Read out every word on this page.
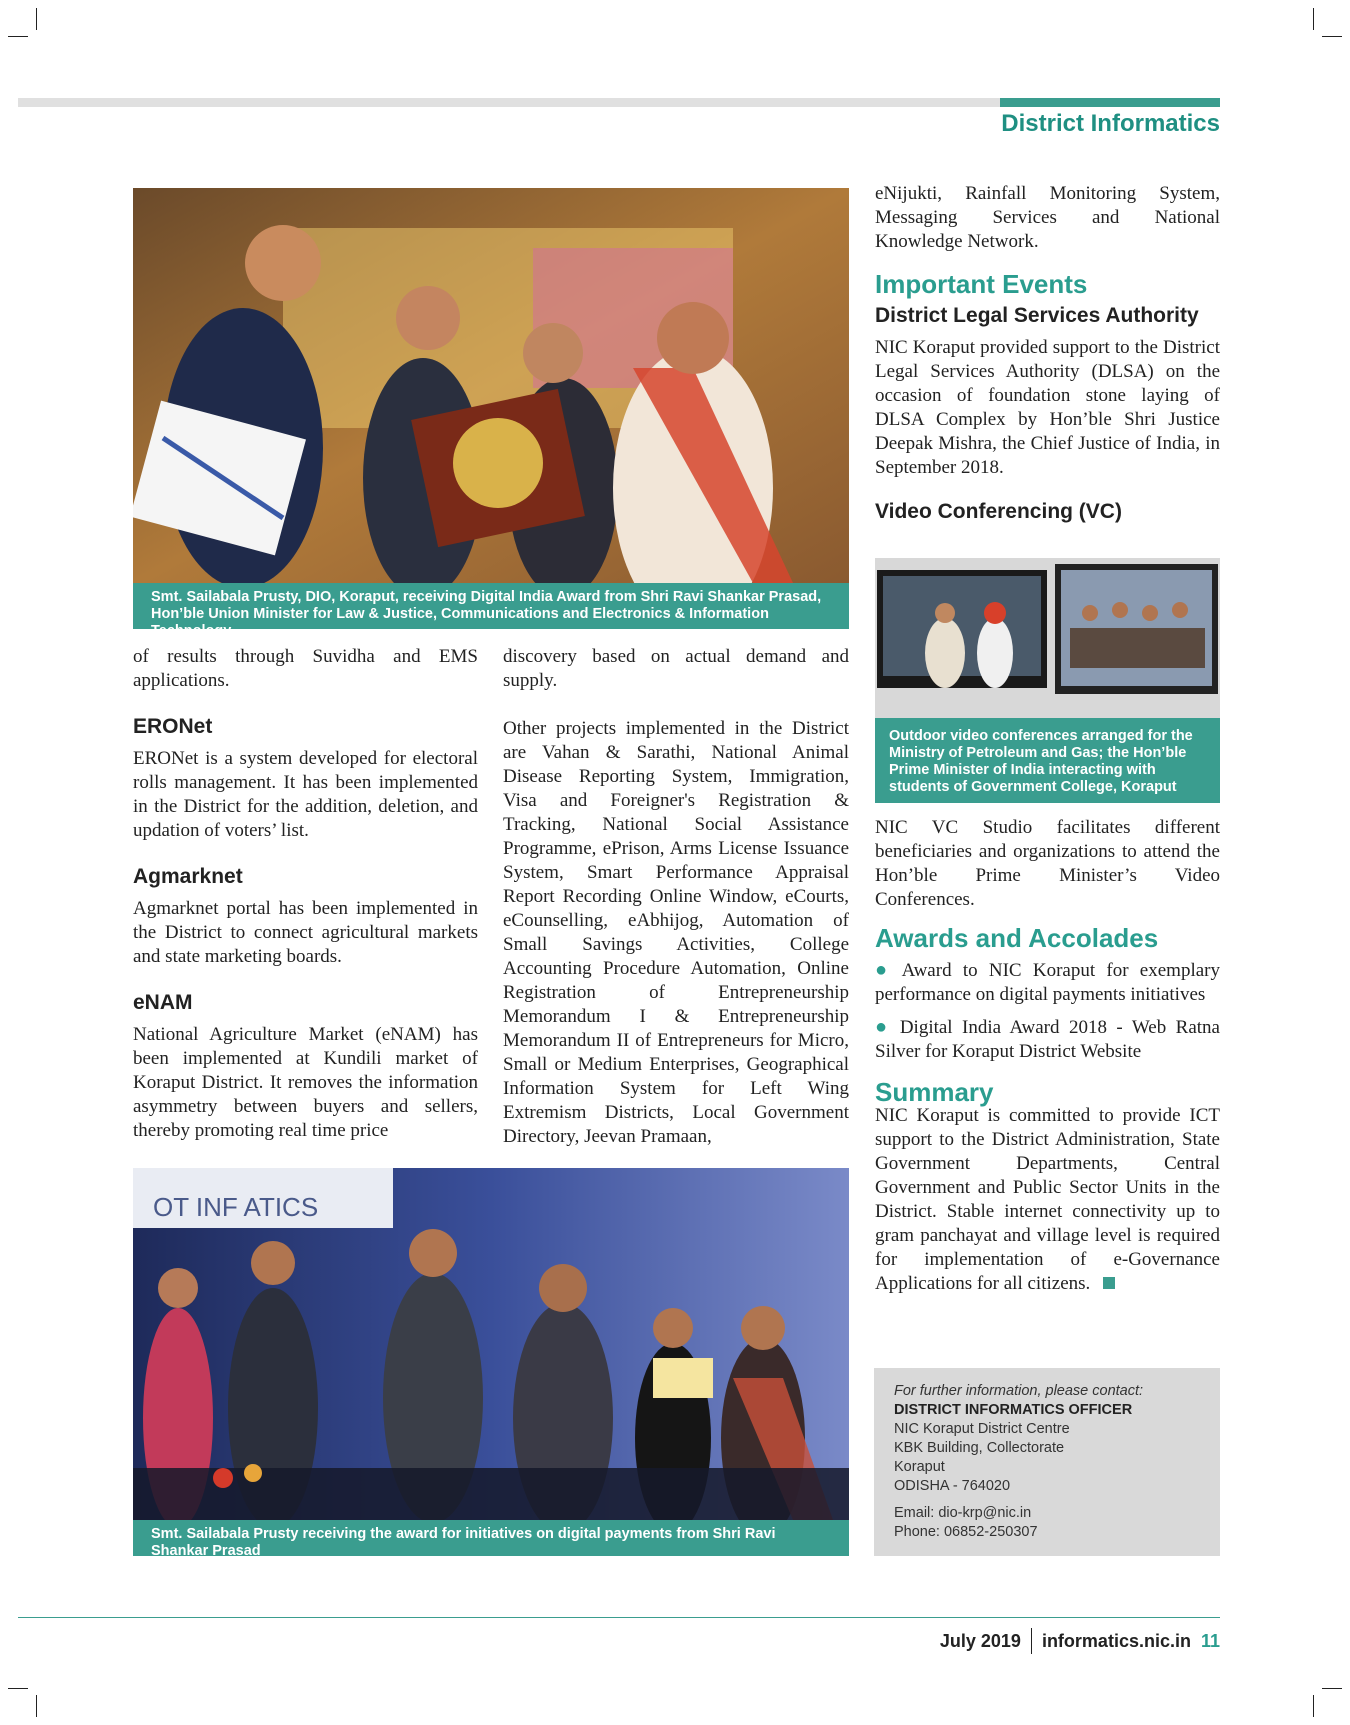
District Informatics
Smt. Sailabala Prusty, DIO, Koraput, receiving Digital India Award from Shri Ravi Shankar Prasad, Hon’ble Union Minister for Law & Justice, Communications and Electronics & Information Technology

of results through Suvidha and EMS applications.

ERONet

ERONet is a system developed for electoral rolls management. It has been implemented in the District for the addition, deletion, and updation of voters’ list.

Agmarknet

Agmarknet portal has been implemented in the District to connect agricultural markets and state marketing boards.

eNAM

National Agriculture Market (eNAM) has been implemented at Kundili market of Koraput District. It removes the information asymmetry between buyers and sellers, thereby promoting real time price

discovery based on actual demand and supply.

Other projects implemented in the District are Vahan & Sarathi, National Animal Disease Reporting System, Immigration, Visa and Foreigner's Registration & Tracking, National Social Assistance Programme, ePrison, Arms License Issuance System, Smart Performance Appraisal Report Recording Online Window, eCourts, eCounselling, eAbhijog, Automation of Small Savings Activities, College Accounting Procedure Automation, Online Registration of Entrepreneurship Memorandum I & Entrepreneurship Memorandum II of Entrepreneurs for Micro, Small or Medium Enterprises, Geographical Information System for Left Wing Extremism Districts, Local Government Directory, Jeevan Pramaan,

OT INF ATICS
Smt. Sailabala Prusty receiving the award for initiatives on digital payments from Shri Ravi Shankar Prasad

eNijukti, Rainfall Monitoring System, Messaging Services and National Knowledge Network.

Important Events
District Legal Services Authority

NIC Koraput provided support to the District Legal Services Authority (DLSA) on the occasion of foundation stone laying of DLSA Complex by Hon’ble Shri Justice Deepak Mishra, the Chief Justice of India, in September 2018.

Video Conferencing (VC)
Outdoor video conferences arranged for the Ministry of Petroleum and Gas; the Hon’ble Prime Minister of India interacting with students of Government College, Koraput

NIC VC Studio facilitates different beneficiaries and organizations to attend the Hon’ble Prime Minister’s Video Conferences.

Awards and Accolades

● Award to NIC Koraput for exemplary performance on digital payments initiatives

● Digital India Award 2018 - Web Ratna Silver for Koraput District Website

Summary

NIC Koraput is committed to provide ICT support to the District Administration, State Government Departments, Central Government and Public Sector Units in the District. Stable internet connectivity up to gram panchayat and village level is required for implementation of e-Governance Applications for all citizens.

For further information, please contact:
DISTRICT INFORMATICS OFFICER
NIC Koraput District Centre
KBK Building, Collectorate
Koraput
ODISHA - 764020
Email: dio-krp@nic.in
Phone: 06852-250307
July 2019 informatics.nic.in 11
